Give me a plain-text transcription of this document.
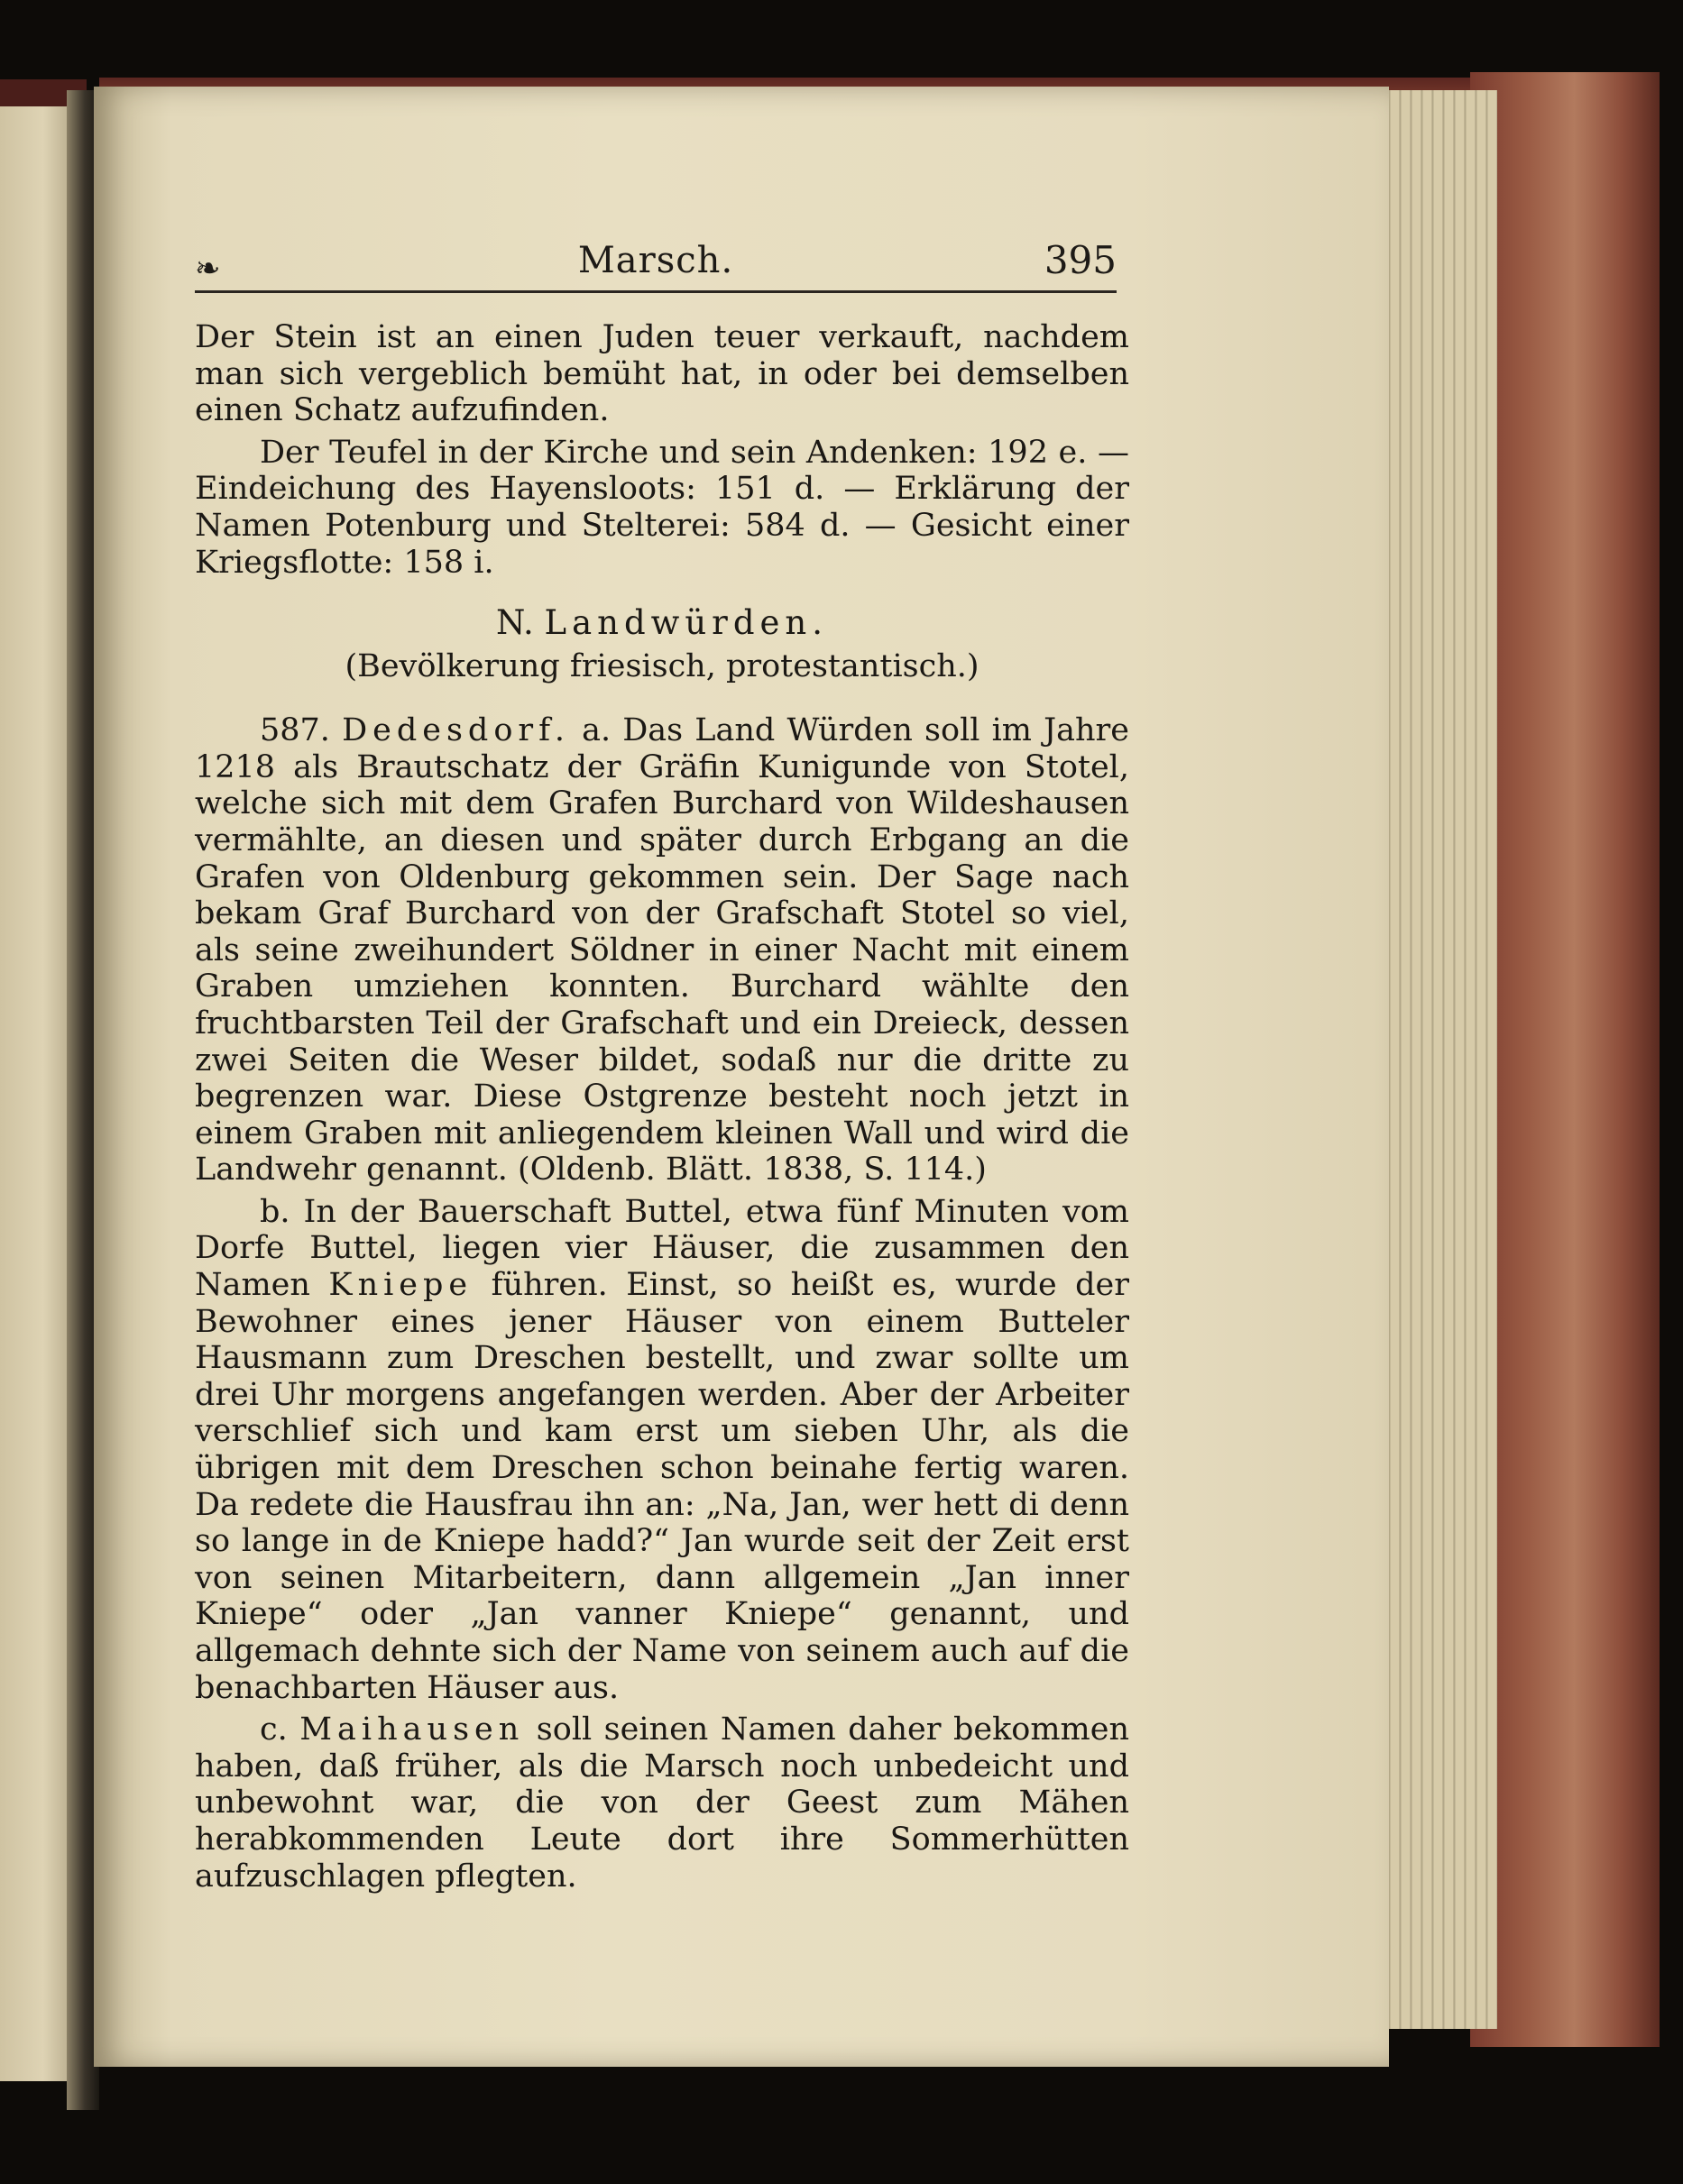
❧	Marsch.	395

Der Stein ist an einen Juden teuer verkauft, nachdem man sich vergeblich bemüht hat, in oder bei demselben einen Schatz aufzufinden.

Der Teufel in der Kirche und sein Andenken: 192 e. — Eindeichung des Hayensloots: 151 d. — Erklärung der Namen Potenburg und Stelterei: 584 d. — Gesicht einer Kriegsflotte: 158 i.

N. Landwürden.
(Bevölkerung friesisch, protestantisch.)

587. Dedesdorf. a. Das Land Würden soll im Jahre 1218 als Brautschatz der Gräfin Kunigunde von Stotel, welche sich mit dem Grafen Burchard von Wildeshausen vermählte, an diesen und später durch Erbgang an die Grafen von Oldenburg gekommen sein. Der Sage nach bekam Graf Burchard von der Grafschaft Stotel so viel, als seine zweihundert Söldner in einer Nacht mit einem Graben umziehen konnten. Burchard wählte den fruchtbarsten Teil der Grafschaft und ein Dreieck, dessen zwei Seiten die Weser bildet, sodaß nur die dritte zu begrenzen war. Diese Ostgrenze besteht noch jetzt in einem Graben mit anliegendem kleinen Wall und wird die Landwehr genannt. (Oldenb. Blätt. 1838, S. 114.)

b. In der Bauerschaft Buttel, etwa fünf Minuten vom Dorfe Buttel, liegen vier Häuser, die zusammen den Namen Kniepe führen. Einst, so heißt es, wurde der Bewohner eines jener Häuser von einem Butteler Hausmann zum Dreschen bestellt, und zwar sollte um drei Uhr morgens angefangen werden. Aber der Arbeiter verschlief sich und kam erst um sieben Uhr, als die übrigen mit dem Dreschen schon beinahe fertig waren. Da redete die Hausfrau ihn an: „Na, Jan, wer hett di denn so lange in de Kniepe hadd?“ Jan wurde seit der Zeit erst von seinen Mitarbeitern, dann allgemein „Jan inner Kniepe“ oder „Jan vanner Kniepe“ genannt, und allgemach dehnte sich der Name von seinem auch auf die benachbarten Häuser aus.

c. Maihausen soll seinen Namen daher bekommen haben, daß früher, als die Marsch noch unbedeicht und unbewohnt war, die von der Geest zum Mähen herabkommenden Leute dort ihre Sommerhütten aufzuschlagen pflegten.
